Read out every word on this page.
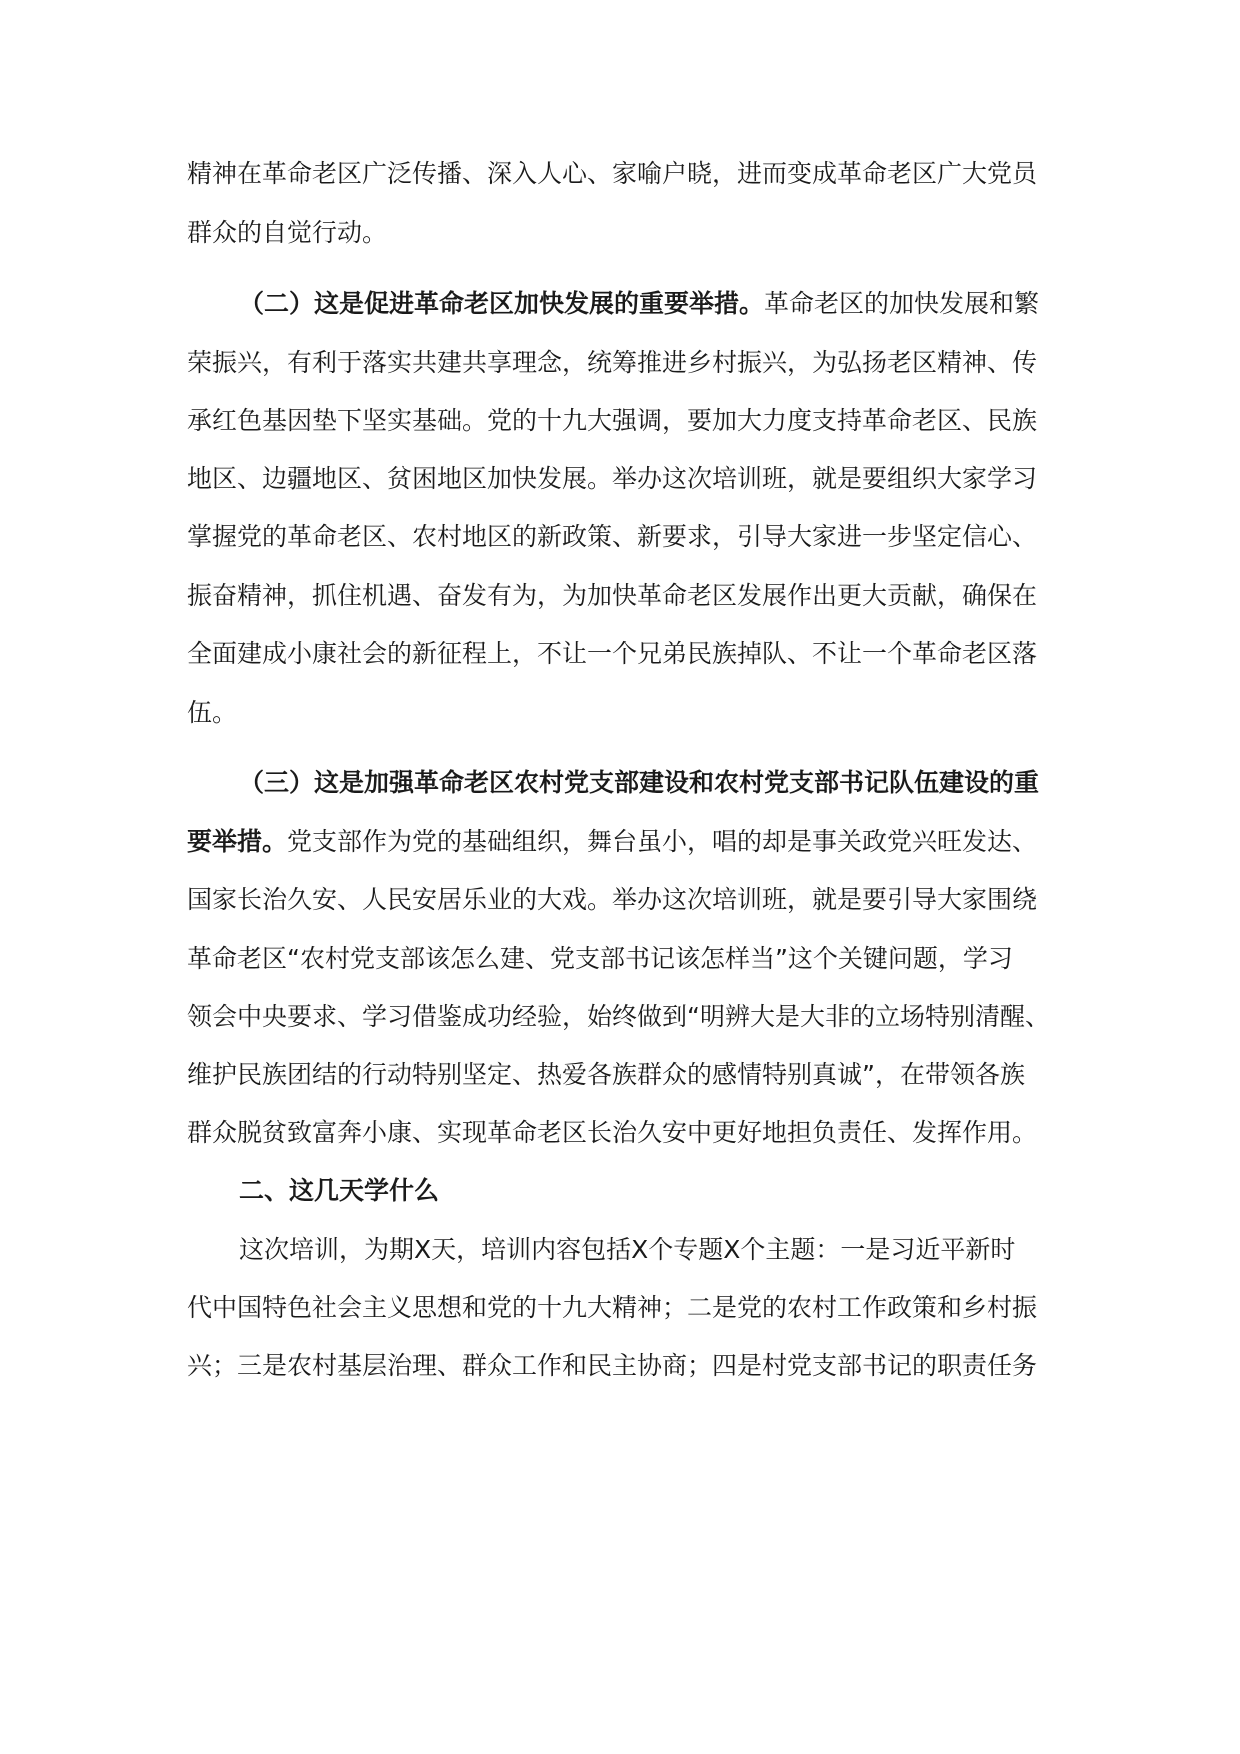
精神在革命老区广泛传播、深入人心、家喻户晓，进而变成革命老区广大党员
群众的自觉行动。
（二）这是促进革命老区加快发展的重要举措。革命老区的加快发展和繁
荣振兴，有利于落实共建共享理念，统筹推进乡村振兴，为弘扬老区精神、传
承红色基因垫下坚实基础。党的十九大强调，要加大力度支持革命老区、民族
地区、边疆地区、贫困地区加快发展。举办这次培训班，就是要组织大家学习
掌握党的革命老区、农村地区的新政策、新要求，引导大家进一步坚定信心、
振奋精神，抓住机遇、奋发有为，为加快革命老区发展作出更大贡献，确保在
全面建成小康社会的新征程上，不让一个兄弟民族掉队、不让一个革命老区落
伍。
（三）这是加强革命老区农村党支部建设和农村党支部书记队伍建设的重
要举措。党支部作为党的基础组织，舞台虽小，唱的却是事关政党兴旺发达、
国家长治久安、人民安居乐业的大戏。举办这次培训班，就是要引导大家围绕
革命老区“农村党支部该怎么建、党支部书记该怎样当”这个关键问题，学习
领会中央要求、学习借鉴成功经验，始终做到“明辨大是大非的立场特别清醒、
维护民族团结的行动特别坚定、热爱各族群众的感情特别真诚”，在带领各族
群众脱贫致富奔小康、实现革命老区长治久安中更好地担负责任、发挥作用。
二、这几天学什么
这次培训，为期X天，培训内容包括X个专题X个主题：一是习近平新时
代中国特色社会主义思想和党的十九大精神；二是党的农村工作政策和乡村振
兴；三是农村基层治理、群众工作和民主协商；四是村党支部书记的职责任务
